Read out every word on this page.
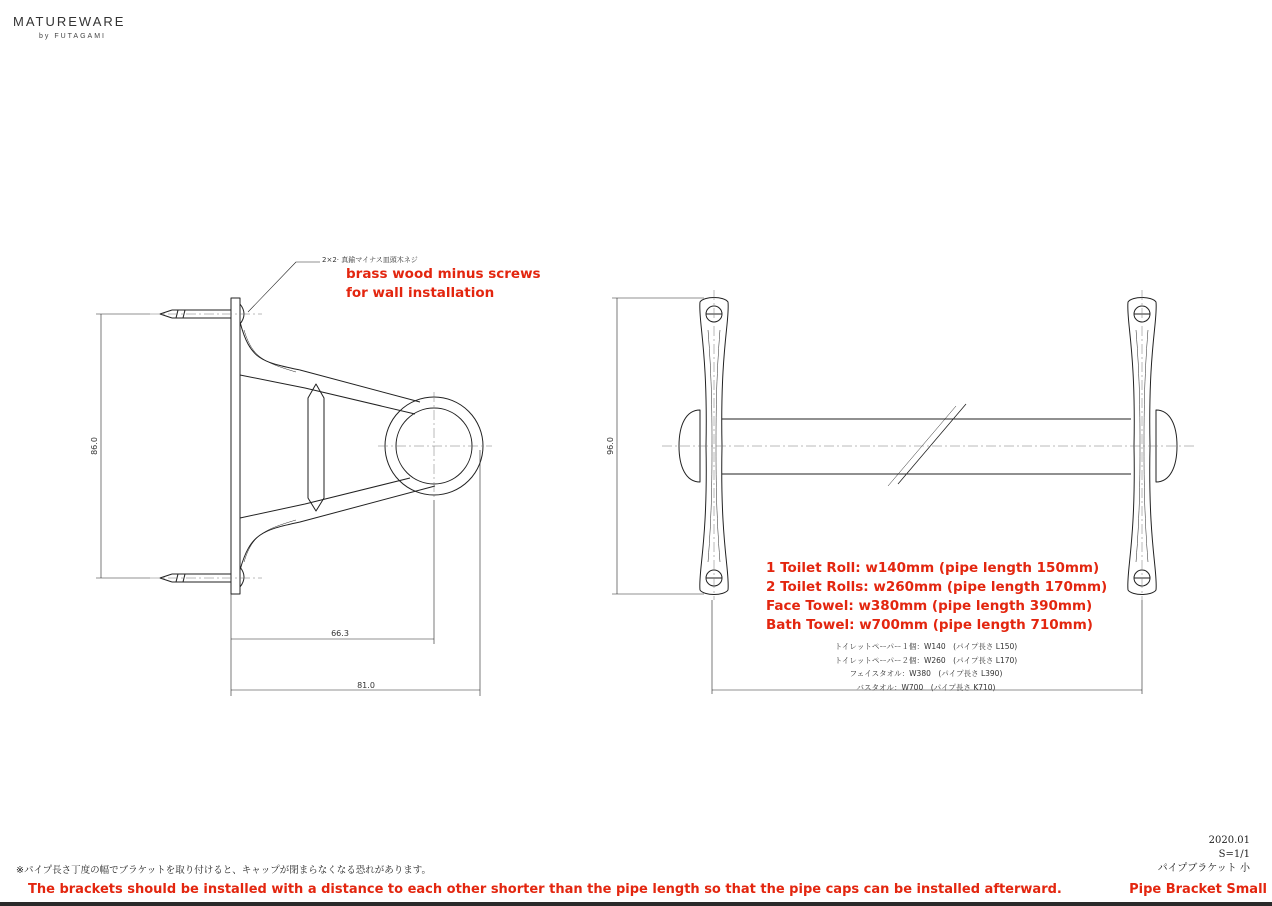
MATUREWARE
by FUTAGAMI
86.0
66.3
81.0
96.0
2×2· 真鍮マイナス皿頭木ネジ
brass wood minus screws
for wall installation
1 Toilet Roll: w140mm (pipe length 150mm)
2 Toilet Rolls: w260mm (pipe length 170mm)
Face Towel: w380mm (pipe length 390mm)
Bath Towel: w700mm (pipe length 710mm)
トイレットペーパー１個：W140　(パイプ長さ L150)
トイレットペーパー２個：W260　(パイプ長さ L170)
フェイスタオル：W380　(パイプ長さ L390)
バスタオル：W700　(パイプ長さ K710)
※パイプ長さ丁度の幅でブラケットを取り付けると、キャップが閉まらなくなる恐れがあります。
The brackets should be installed with a distance to each other shorter than the pipe length so that the pipe caps can be installed afterward.
2020.01
S=1/1
パイプブラケット 小
Pipe Bracket Small
